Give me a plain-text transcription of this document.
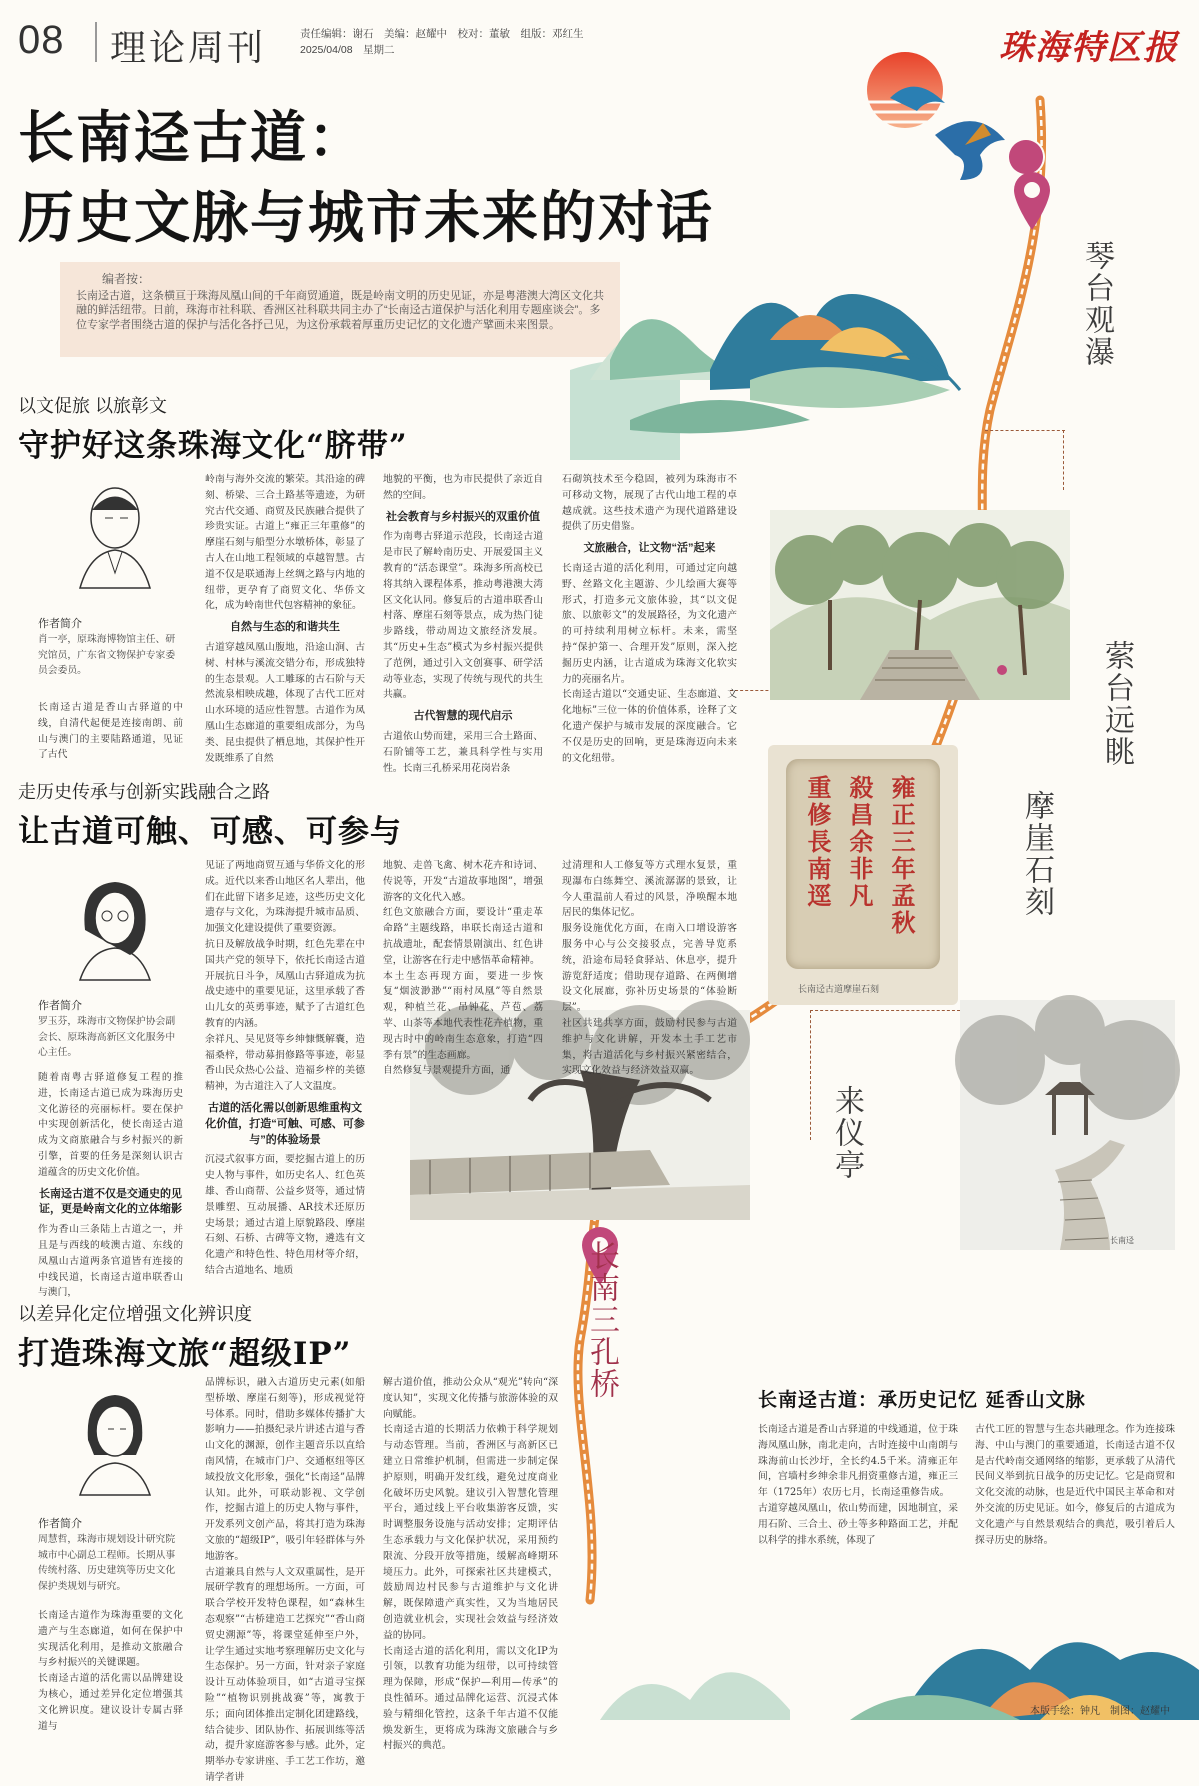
08 理论周刊	责任编辑：谢石　美编：赵耀中　校对：董敏　组版：邓红生
2025/04/08　星期二	珠海特区报
长南迳古道：
历史文脉与城市未来的对话
编者按：
长南迳古道，这条横亘于珠海凤凰山间的千年商贸通道，既是岭南文明的历史见证，亦是粤港澳大湾区文化共融的鲜活纽带。日前，珠海市社科联、香洲区社科联共同主办了“长南迳古道保护与活化利用专题座谈会”。多位专家学者围绕古道的保护与活化各抒己见，为这份承载着厚重历史记忆的文化遗产擘画未来图景。	琴台观瀑
萦台远眺
摩崖石刻
来仪亭
长南三孔桥
雍正三年孟秋
殺昌余非凡
重修長南逕
长南迳古道摩崖石刻
长南迳
以文促旅 以旅彰文
守护好这条珠海文化“脐带”
作者简介
肖一亭，原珠海博物馆主任、研究馆员，广东省文物保护专家委员会委员。
长南迳古道是香山古驿道的中线，自清代起便是连接南朗、前山与澳门的主要陆路通道，见证了古代
岭南与海外交流的繁荣。其沿途的碑刻、桥梁、三合土路基等遗迹，为研究古代交通、商贸及民族融合提供了珍贵实证。古道上“雍正三年重修”的摩崖石刻与船型分水墩桥体，彰显了古人在山地工程领域的卓越智慧。古道不仅是联通海上丝绸之路与内地的纽带，更孕育了商贸文化、华侨文化，成为岭南世代包容精神的象征。
自然与生态的和谐共生
古道穿越凤凰山腹地，沿途山涧、古树、村林与溪流交错分布，形成独特的生态景观。人工雕琢的古石阶与天然流泉相映成趣，体现了古代工匠对山水环境的适应性智慧。古道作为凤凰山生态廊道的重要组成部分，为鸟类、昆虫提供了栖息地，其保护性开发既维系了自然
地貌的平衡，也为市民提供了亲近自然的空间。
社会教育与乡村振兴的双重价值
作为南粤古驿道示范段，长南迳古道是市民了解岭南历史、开展爱国主义教育的“活态课堂”。珠海多所高校已将其纳入课程体系，推动粤港澳大湾区文化认同。修复后的古道串联香山村落、摩崖石刻等景点，成为热门徒步路线，带动周边文旅经济发展。其“历史+生态”模式为乡村振兴提供了范例，通过引入文创赛事、研学活动等业态，实现了传统与现代的共生共赢。
古代智慧的现代启示
古道依山势而建，采用三合土路面、石阶铺等工艺，兼具科学性与实用性。长南三孔桥采用花岗岩条
石砌筑技术至今稳固，被列为珠海市不可移动文物，展现了古代山地工程的卓越成就。这些技术遗产为现代道路建设提供了历史借鉴。
文旅融合，让文物“活”起来
长南迳古道的活化利用，可通过定向越野、丝路文化主题游、少儿绘画大赛等形式，打造多元文旅体验，其“以文促旅、以旅彰文”的发展路径，为文化遗产的可持续利用树立标杆。未来，需坚持“保护第一、合理开发”原则，深入挖掘历史内涵，让古道成为珠海文化软实力的亮丽名片。
长南迳古道以“交通史证、生态廊道、文化地标”三位一体的价值体系，诠释了文化遗产保护与城市发展的深度融合。它不仅是历史的回响，更是珠海迈向未来的文化纽带。
走历史传承与创新实践融合之路
让古道可触、可感、可参与
作者简介
罗玉芬，珠海市文物保护协会副会长、原珠海高新区文化服务中心主任。
随着南粤古驿道修复工程的推进，长南迳古道已成为珠海历史文化游径的亮丽标杆。要在保护中实现创新活化，使长南迳古道成为文商旅融合与乡村振兴的新引擎，首要的任务是深刻认识古道蕴含的历史文化价值。
长南迳古道不仅是交通史的见证，更是岭南文化的立体缩影
作为香山三条陆上古道之一，并且是与西线的岐澳古道、东线的凤凰山古道两条官道皆有连接的中线民道，长南迳古道串联香山与澳门，
见证了两地商贸互通与华侨文化的形成。近代以来香山地区名人辈出，他们在此留下诸多足迹，这些历史文化遗存与文化，为珠海提升城市品质、加强文化建设提供了重要资源。
抗日及解放战争时期，红色先辈在中国共产党的领导下，依托长南迳古道开展抗日斗争，凤凰山古驿道成为抗战史迹中的重要见证，这里承载了香山儿女的英勇事迹，赋予了古道红色教育的内涵。
余祥凡、吴见贤等乡绅慷慨解囊，造福桑梓，带动募捐修路等事迹，彰显香山民众热心公益、造福乡梓的美德精神，为古道注入了人文温度。
古道的活化需以创新思维重构文化价值，打造“可触、可感、可参与”的体验场景
沉浸式叙事方面，要挖掘古道上的历史人物与事件，如历史名人、红色英雄、香山商帮、公益乡贤等，通过情景雕塑、互动展播、AR技术还原历史场景；通过古道上原貌路段、摩崖石刻、石桥、古碑等文物，遴选有文化遗产和特色性、特色用材等介绍，结合古道地名、地质
地貌、走兽飞禽、树木花卉和诗词、传说等，开发“古道故事地图”，增强游客的文化代入感。
红色文旅融合方面，要设计“重走革命路”主题线路，串联长南迳古道和抗战遗址，配套情景剧演出、红色讲堂，让游客在行走中感悟革命精神。
本土生态再现方面，要进一步恢复“烟波渺渺”“雨村凤凰”等自然景观，种植兰花、吊钟花、芦苞、荔苹、山茶等本地代表性花卉植物，重现古时中的岭南生态意象，打造“四季有景”的生态画廊。
自然修复与景观提升方面，通
过清理和人工修复等方式理水复景，重现瀑布白练舞空、溪流潺潺的景致，让今人重温前人看过的风景，净唤醒本地居民的集体记忆。
服务设施优化方面，在南入口增设游客服务中心与公交接驳点，完善导览系统，沿途布局轻食驿站、休息亭，提升游览舒适度；借助现存道路、在两侧增设文化展廊，弥补历史场景的“体验断层”。
社区共建共享方面，鼓励村民参与古道维护与文化讲解，开发本土手工艺市集，将古道活化与乡村振兴紧密结合，实现文化效益与经济效益双赢。
以差异化定位增强文化辨识度
打造珠海文旅“超级IP”
作者简介
周慧哲，珠海市规划设计研究院城市中心副总工程师。长期从事传统村落、历史建筑等历史文化保护类规划与研究。
长南迳古道作为珠海重要的文化遗产与生态廊道，如何在保护中实现活化利用，是推动文旅融合与乡村振兴的关键课题。
长南迳古道的活化需以品牌建设为核心，通过差异化定位增强其文化辨识度。建议设计专属古驿道与
品牌标识，融入古道历史元素(如船型桥墩、摩崖石刻等)，形成视觉符号体系。同时，借助多媒体传播扩大影响力——拍摄纪录片讲述古道与香山文化的渊源，创作主题音乐以直给南风情，在城市门户、交通枢纽等区域投放文化形象，强化“长南迳”品牌认知。此外，可联动影视、文学创作，挖掘古道上的历史人物与事件，开发系列文创产品，将其打造为珠海文旅的“超级IP”，吸引年轻群体与外地游客。
古道兼具自然与人文双重属性，是开展研学教育的理想场所。一方面，可联合学校开发特色课程，如“森林生态观察”“古桥建造工艺探究”“香山商贸史溯源”等，将课堂延伸至户外，让学生通过实地考察理解历史文化与生态保护。另一方面，针对亲子家庭设计互动体验项目，如“古道寻宝探险”“植物识别挑战赛”等，寓教于乐；面向团体推出定制化团建路线，结合徒步、团队协作、拓展训练等活动，提升家庭游客参与感。此外，定期举办专家讲座、手工艺工作坊，邀请学者讲
解古道价值，推动公众从“观光”转向“深度认知”，实现文化传播与旅游体验的双向赋能。
长南迳古道的长期活力依赖于科学规划与动态管理。当前，香洲区与高新区已建立日常维护机制，但需进一步制定保护原则，明确开发红线，避免过度商业化破坏历史风貌。建议引入智慧化管理平台，通过线上平台收集游客反馈，实时调整服务设施与活动安排；定期评估生态承载力与文化保护状况，采用预约限流、分段开放等措施，缓解高峰期环境压力。此外，可探索社区共建模式，鼓励周边村民参与古道维护与文化讲解，既保障遗产真实性，又为当地居民创造就业机会，实现社会效益与经济效益的协同。
长南迳古道的活化利用，需以文化IP为引领，以教育功能为纽带，以可持续管理为保障，形成“保护—利用—传承”的良性循环。通过品牌化运营、沉浸式体验与精细化管控，这条千年古道不仅能焕发新生，更将成为珠海文旅融合与乡村振兴的典范。
长南迳古道：承历史记忆 延香山文脉
长南迳古道是香山古驿道的中线通道，位于珠海凤凰山脉，南北走向，古时连接中山南朗与珠海前山长沙圩，全长约4.5千米。清雍正年间，宫墙村乡绅余非凡捐资重修古道，雍正三年（1725年）农历七月，长南迳重修告成。
古道穿越凤凰山，依山势而建，因地制宜，采用石阶、三合土、砂土等多种路面工艺，并配以科学的排水系统，体现了
古代工匠的智慧与生态共融理念。作为连接珠海、中山与澳门的重要通道，长南迳古道不仅是古代岭南交通网络的缩影，更承载了从清代民间义举到抗日战争的历史记忆。它是商贸和文化交流的动脉，也是近代中国民主革命和对外交流的历史见证。如今，修复后的古道成为文化遗产与自然景观结合的典范，吸引着后人探寻历史的脉络。
本版手绘：钟凡　制图：赵耀中
